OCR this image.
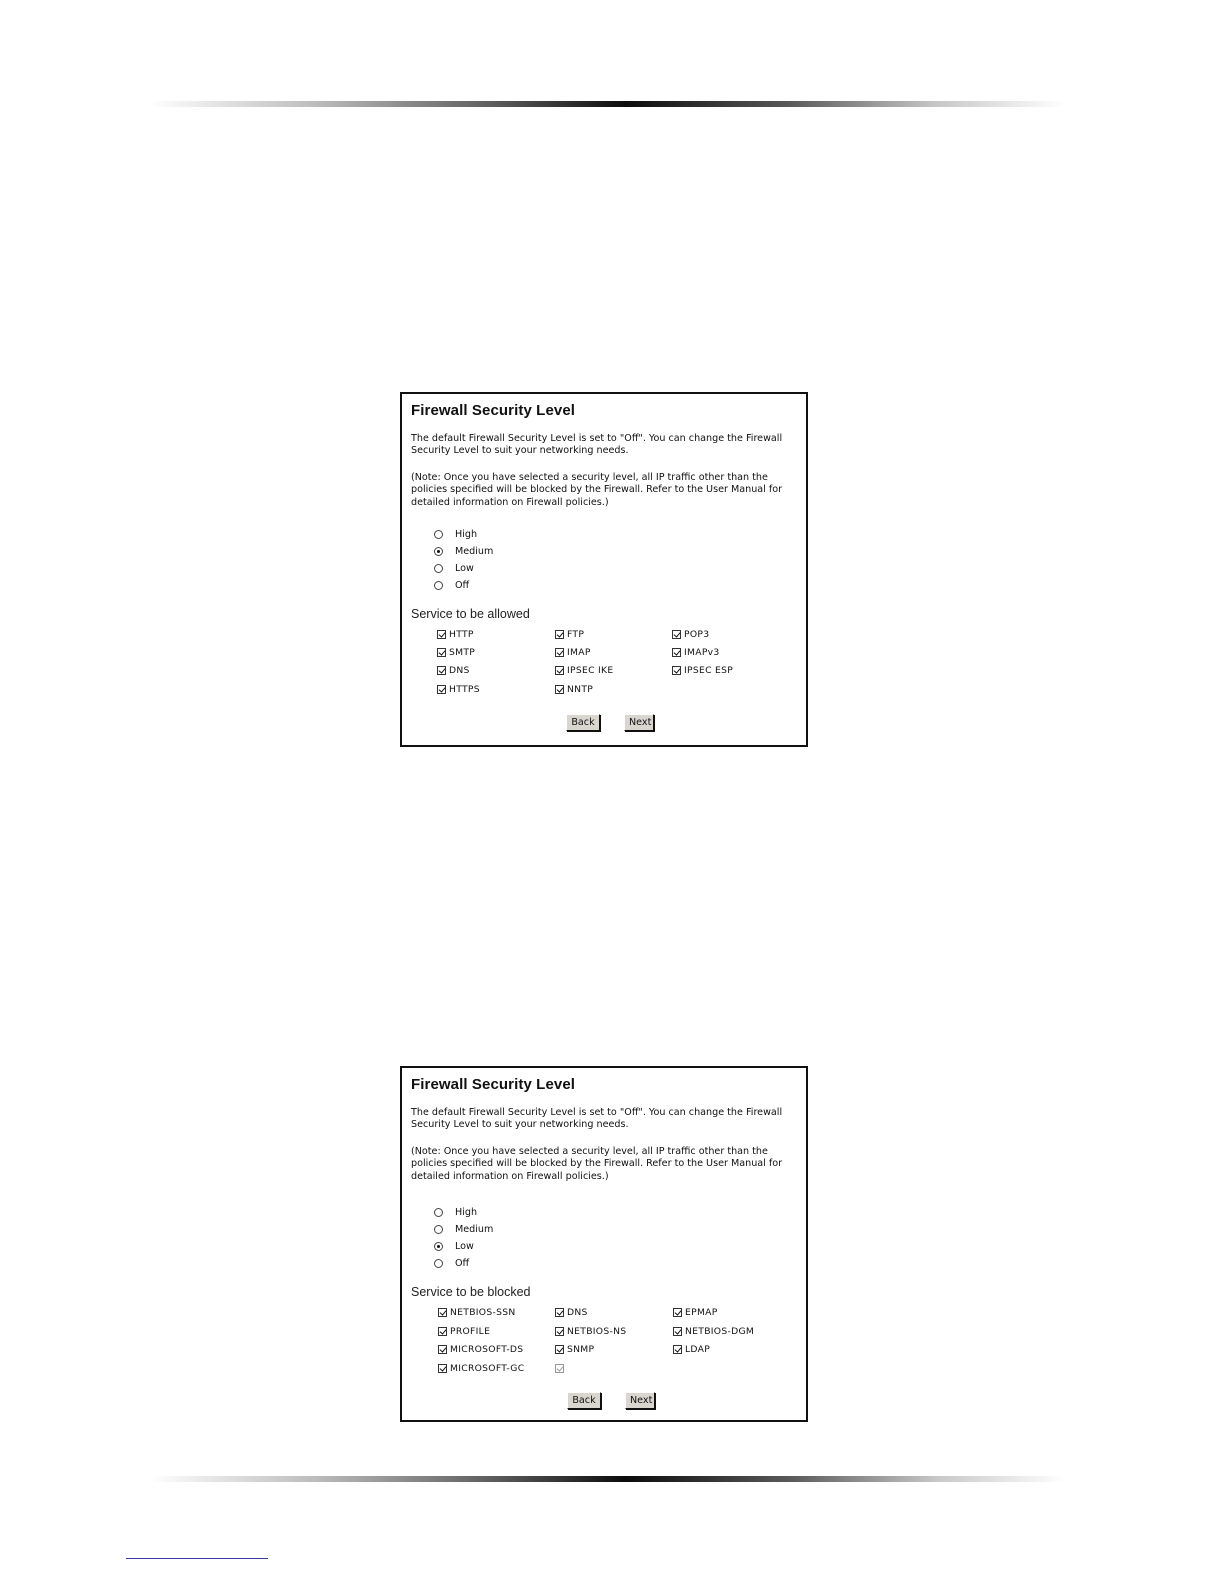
Firewall Security Level
The default Firewall Security Level is set to "Off". You can change the Firewall Security Level to suit your networking needs.
(Note: Once you have selected a security level, all IP traffic other than the policies specified will be blocked by the Firewall. Refer to the User Manual for detailed information on Firewall policies.)
High
Medium
Low
Off
Service to be allowed
HTTP	FTP	POP3
SMTP	IMAP	IMAPv3
DNS	IPSEC IKE	IPSEC ESP
HTTPS	NNTP
Back	Next
Firewall Security Level
The default Firewall Security Level is set to "Off". You can change the Firewall Security Level to suit your networking needs.
(Note: Once you have selected a security level, all IP traffic other than the policies specified will be blocked by the Firewall. Refer to the User Manual for detailed information on Firewall policies.)
High
Medium
Low
Off
Service to be blocked
NETBIOS-SSN	DNS	EPMAP
PROFILE	NETBIOS-NS	NETBIOS-DGM
MICROSOFT-DS	SNMP	LDAP
MICROSOFT-GC
Back	Next
